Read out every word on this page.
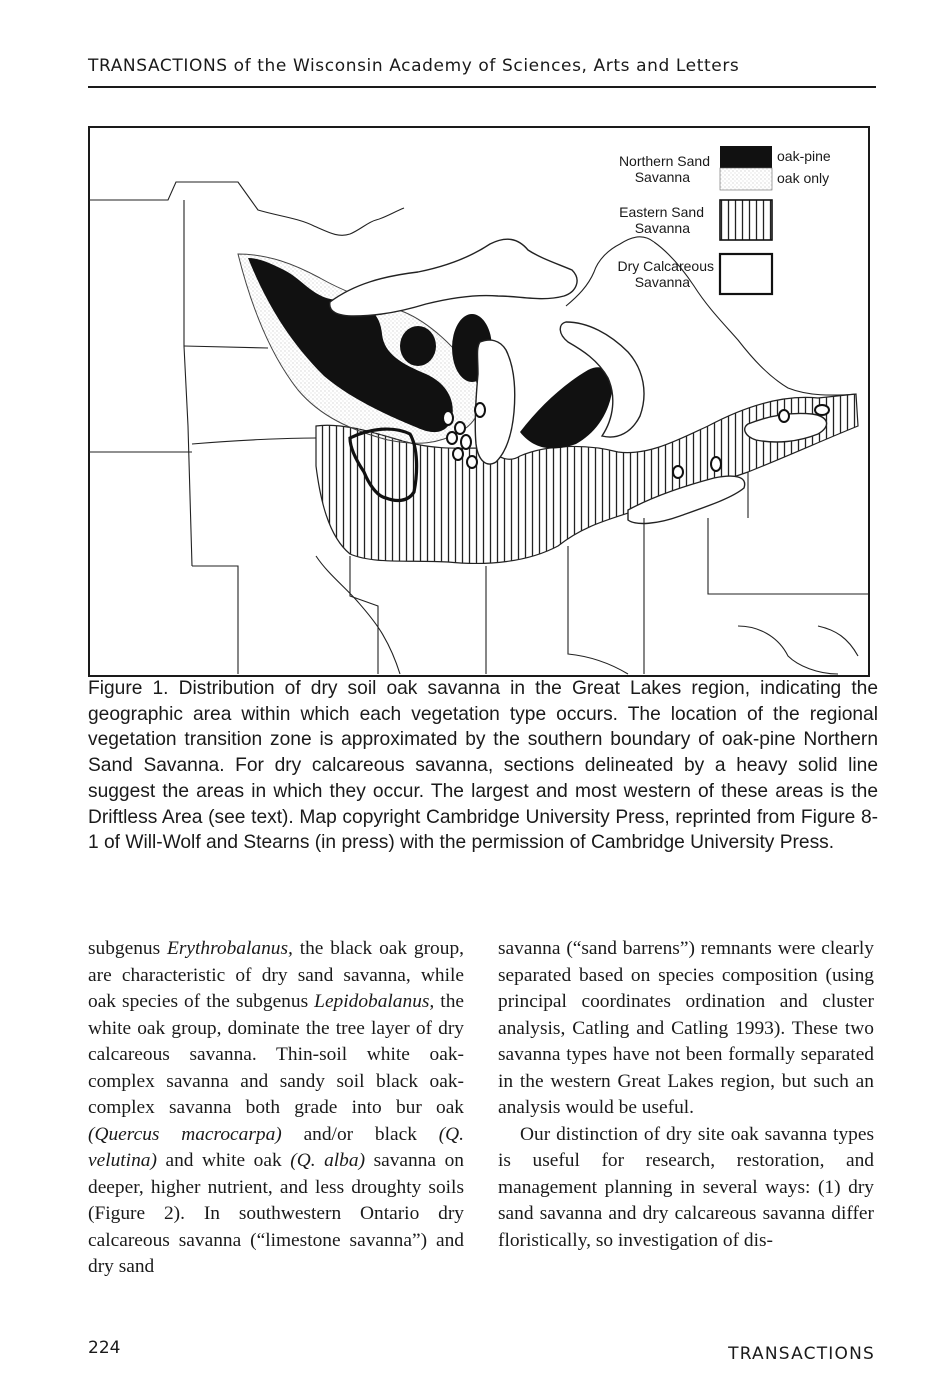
TRANSACTIONS of the Wisconsin Academy of Sciences, Arts and Letters
Northern Sand
Savanna
oak-pine
oak only
Eastern Sand
Savanna
Dry Calcareous
Savanna
Figure 1. Distribution of dry soil oak savanna in the Great Lakes region, indicating the geographic area within which each vegetation type occurs. The location of the regional vegetation transition zone is approximated by the southern boundary of oak-pine Northern Sand Savanna. For dry calcareous savanna, sections delineated by a heavy solid line suggest the areas in which they occur. The largest and most western of these areas is the Driftless Area (see text). Map copyright Cambridge University Press, reprinted from Figure 8-1 of Will-Wolf and Stearns (in press) with the permission of Cambridge University Press.

subgenus Erythrobalanus, the black oak group, are characteristic of dry sand savanna, while oak species of the subgenus Lepidobalanus, the white oak group, dominate the tree layer of dry calcareous savanna. Thin-soil white oak-complex savanna and sandy soil black oak-complex savanna both grade into bur oak (Quercus macrocarpa) and/or black (Q. velutina) and white oak (Q. alba) savanna on deeper, higher nutrient, and less droughty soils (Figure 2). In southwestern Ontario dry calcareous savanna (“limestone savanna”) and dry sand

savanna (“sand barrens”) remnants were clearly separated based on species composition (using principal coordinates ordination and cluster analysis, Catling and Catling 1993). These two savanna types have not been formally separated in the western Great Lakes region, but such an analysis would be useful.

Our distinction of dry site oak savanna types is useful for research, restoration, and management planning in several ways: (1) dry sand savanna and dry calcareous savanna differ floristically, so investigation of dis-

224	TRANSACTIONS
